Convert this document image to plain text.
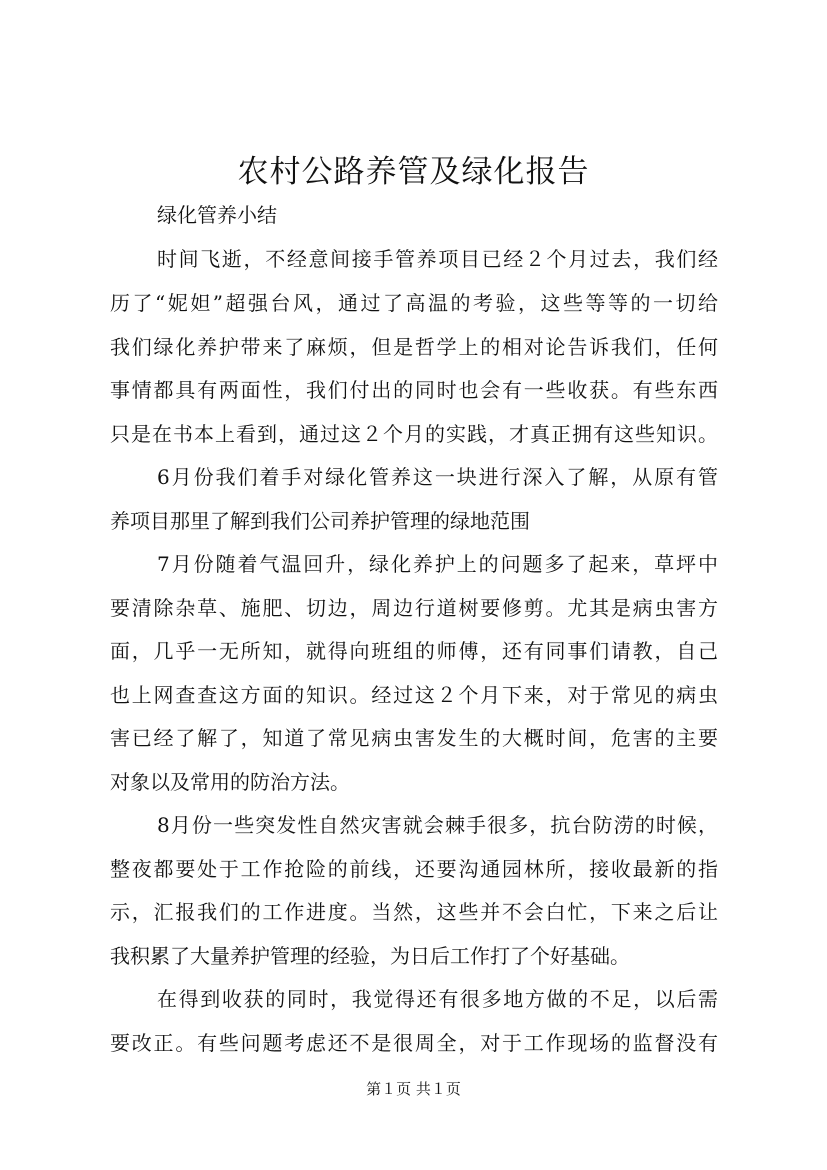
农村公路养管及绿化报告

绿化管养小结

时间飞逝，不经意间接手管养项目已经２个月过去，我们经

历了“妮妲”超强台风，通过了高温的考验，这些等等的一切给

我们绿化养护带来了麻烦，但是哲学上的相对论告诉我们，任何

事情都具有两面性，我们付出的同时也会有一些收获。有些东西

只是在书本上看到，通过这２个月的实践，才真正拥有这些知识。

6月份我们着手对绿化管养这一块进行深入了解，从原有管

养项目那里了解到我们公司养护管理的绿地范围

7月份随着气温回升，绿化养护上的问题多了起来，草坪中

要清除杂草、施肥、切边，周边行道树要修剪。尤其是病虫害方

面，几乎一无所知，就得向班组的师傅，还有同事们请教，自己

也上网查查这方面的知识。经过这２个月下来，对于常见的病虫

害已经了解了，知道了常见病虫害发生的大概时间，危害的主要

对象以及常用的防治方法。

8月份一些突发性自然灾害就会棘手很多，抗台防涝的时候，

整夜都要处于工作抢险的前线，还要沟通园林所，接收最新的指

示，汇报我们的工作进度。当然，这些并不会白忙，下来之后让

我积累了大量养护管理的经验，为日后工作打了个好基础。

在得到收获的同时，我觉得还有很多地方做的不足，以后需

要改正。有些问题考虑还不是很周全，对于工作现场的监督没有

第１页 共１页
